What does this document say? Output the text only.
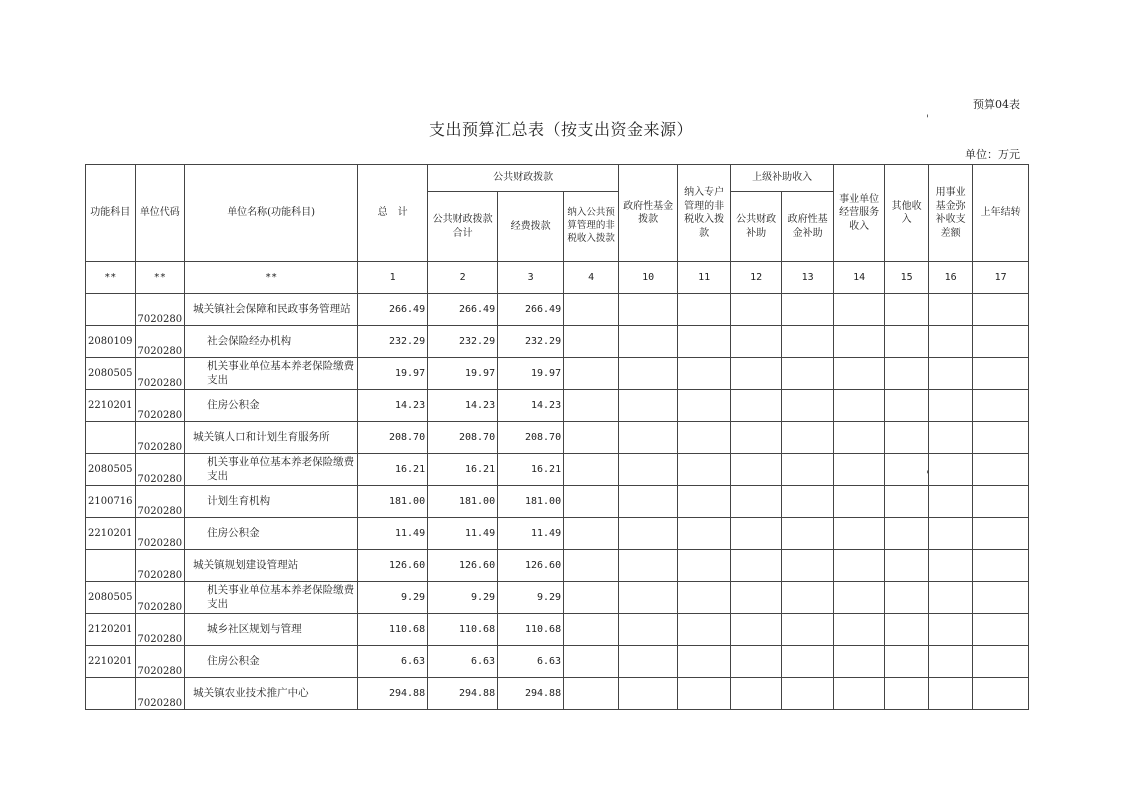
预算04表
支出预算汇总表（按支出资金来源）
单位：万元
'
'
功能科目	单位代码	单位名称(功能科目)	总　计	公共财政拨款			政府性基金拨款	纳入专户管理的非税收入拨款	上级补助收入		事业单位经营服务收入	其他收入	用事业基金弥补收支差额	上年结转
				公共财政拨款合计	经费拨款	纳入公共预算管理的非税收入拨款			公共财政补助	政府性基金补助				
**	**	**	1	2	3	4	10	11	12	13	14	15	16	17
	7020280	城关镇社会保障和民政事务管理站	266.49	266.49	266.49									
2080109	7020280	社会保险经办机构	232.29	232.29	232.29									
2080505	7020280	机关事业单位基本养老保险缴费支出	19.97	19.97	19.97									
2210201	7020280	住房公积金	14.23	14.23	14.23									
	7020280	城关镇人口和计划生育服务所	208.70	208.70	208.70									
2080505	7020280	机关事业单位基本养老保险缴费支出	16.21	16.21	16.21									
2100716	7020280	计划生育机构	181.00	181.00	181.00									
2210201	7020280	住房公积金	11.49	11.49	11.49									
	7020280	城关镇规划建设管理站	126.60	126.60	126.60									
2080505	7020280	机关事业单位基本养老保险缴费支出	9.29	9.29	9.29									
2120201	7020280	城乡社区规划与管理	110.68	110.68	110.68									
2210201	7020280	住房公积金	6.63	6.63	6.63									
	7020280	城关镇农业技术推广中心	294.88	294.88	294.88									
